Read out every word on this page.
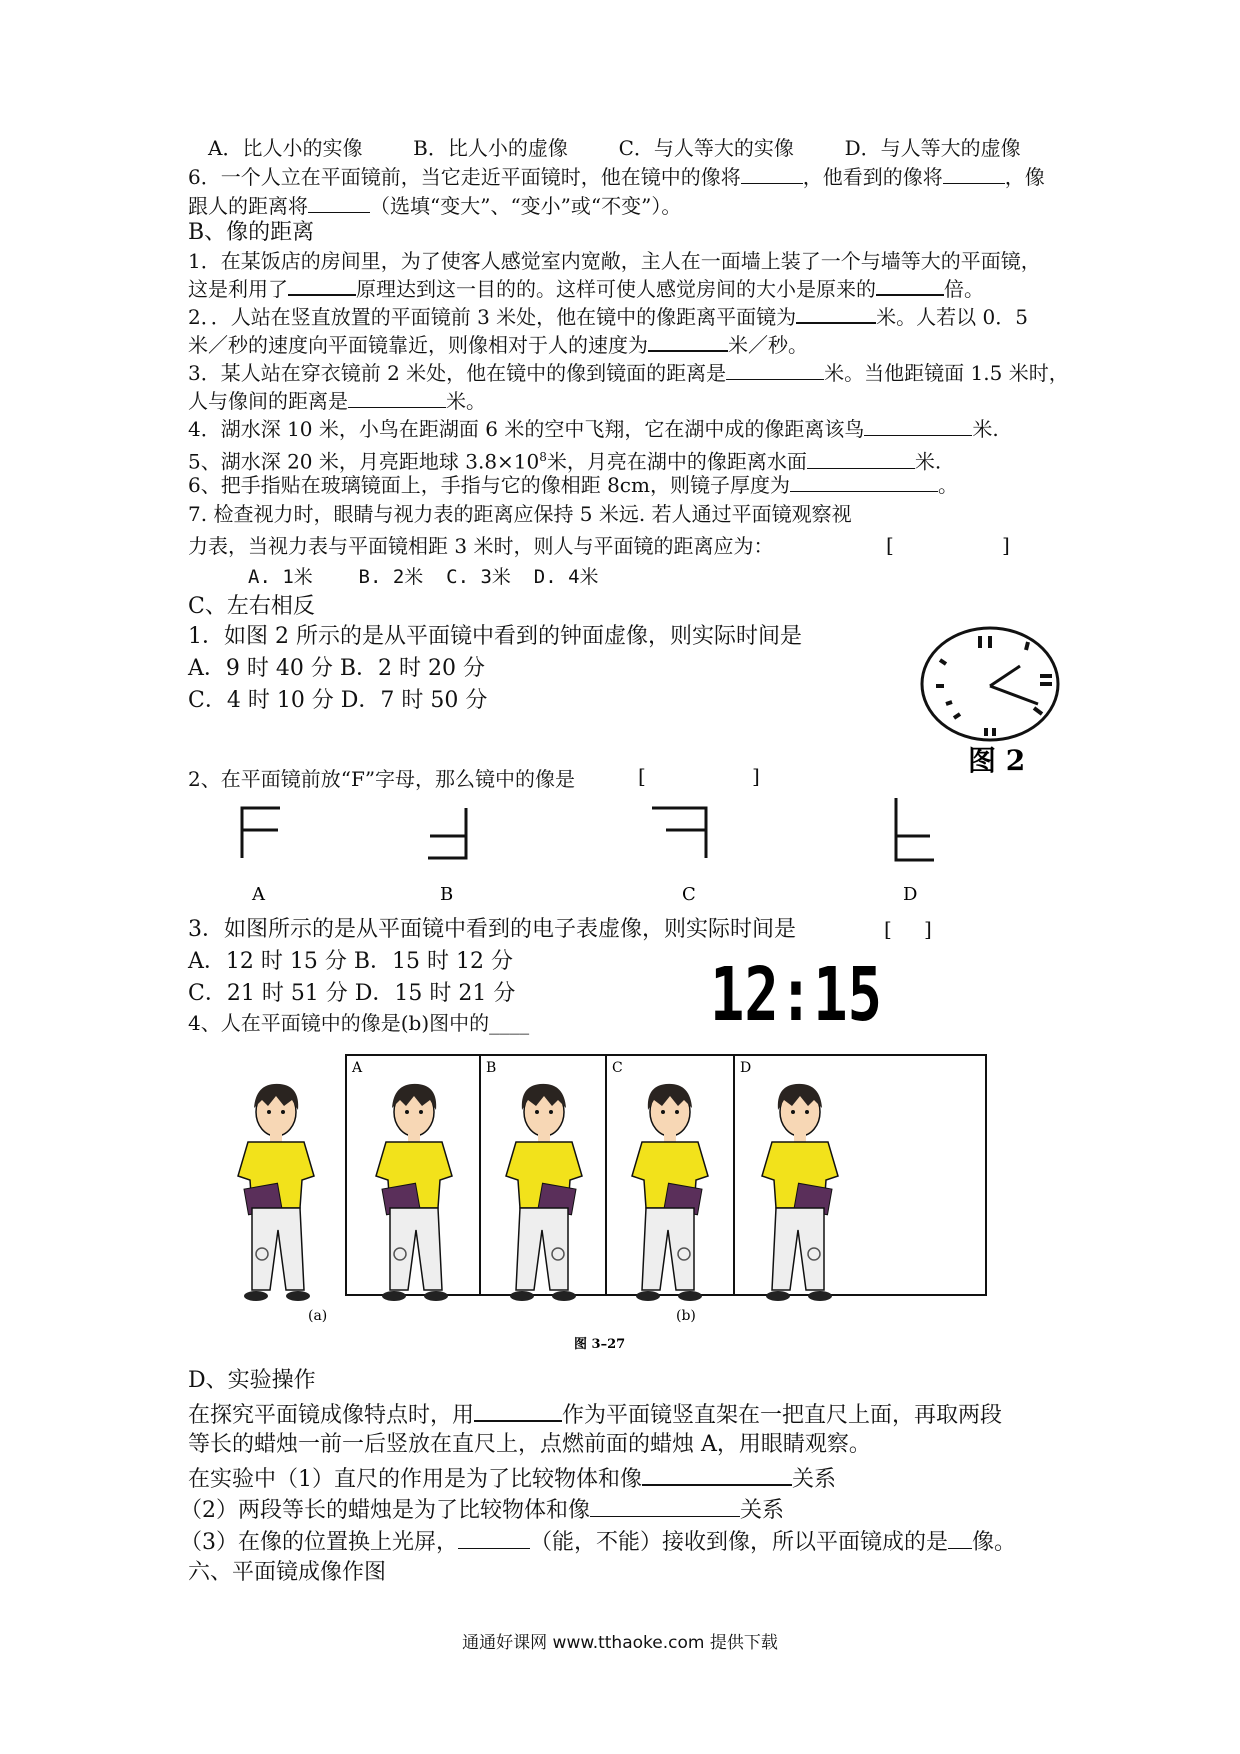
A．比人小的实像	B．比人小的虚像	C．与人等大的实像	D．与人等大的虚像
6．一个人立在平面镜前，当它走近平面镜时，他在镜中的像将	，他看到的像将	，像
跟人的距离将	（选填“变大”、“变小”或“不变”）。
B、像的距离
1．在某饭店的房间里，为了使客人感觉室内宽敞，主人在一面墙上装了一个与墙等大的平面镜，
这是利用了	原理达到这一目的的。这样可使人感觉房间的大小是原来的	倍。
2．．人站在竖直放置的平面镜前 3 米处，他在镜中的像距离平面镜为	米。人若以 0．5
米／秒的速度向平面镜靠近，则像相对于人的速度为	米／秒。
3．某人站在穿衣镜前 2 米处，他在镜中的像到镜面的距离是	米。当他距镜面 1.5 米时，
人与像间的距离是	米。
4．湖水深 10 米，小鸟在距湖面 6 米的空中飞翔，它在湖中成的像距离该鸟	米.
5、湖水深 20 米，月亮距地球 $3.8\times 10^8$米，月亮在湖中的像距离水面	米.
6、把手指贴在玻璃镜面上，手指与它的像相距 8cm，则镜子厚度为	。
7. 检查视力时，眼睛与视力表的距离应保持 5 米远. 若人通过平面镜观察视
力表，当视力表与平面镜相距 3 米时，则人与平面镜的距离应为：	[	]
A. 1米    B. 2米  C. 3米  D. 4米
C、左右相反
1．如图 2 所示的是从平面镜中看到的钟面虚像，则实际时间是
A．9 时 40 分 B．2 时 20 分
C．4 时 10 分 D．7 时 50 分
图 2
2、在平面镜前放“F”字母，那么镜中的像是	[	]
A	B	C	D
3．如图所示的是从平面镜中看到的电子表虚像，则实际时间是	[ ]
A．12 时 15 分 B．15 时 12 分
C．21 时 51 分 D．15 时 21 分	12:15
4、人在平面镜中的像是(b)图中的____
A	B	C	D
(a)	(b)
图 3–27
D、实验操作
在探究平面镜成像特点时，用	作为平面镜竖直架在一把直尺上面，再取两段
等长的蜡烛一前一后竖放在直尺上，点燃前面的蜡烛 A，用眼睛观察。
在实验中（1）直尺的作用是为了比较物体和像	关系
（2）两段等长的蜡烛是为了比较物体和像	关系
（3）在像的位置换上光屏，	（能，不能）接收到像，所以平面镜成的是 像。
六、平面镜成像作图
通通好课网 www.tthaoke.com 提供下载
